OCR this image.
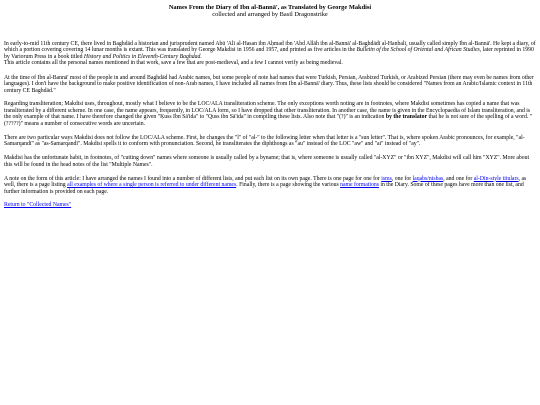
Names From the Diary of Ibn al-Bannā', as Translated by George Makdisi
collected and arranged by Basil Dragonstrike

In early-to-mid 11th century CE, there lived in Baghdād a historian and jurisprudent named Abū 'Alī al-Hasan ibn Aḥmad ibn 'Abd Allāh ibn al-Bannā' al-Baghdādī al-Hanbalī, usually called simply Ibn al-Bannā'. He kept a diary, of which a portion covering covering 14 lunar months is extant. This was translated by George Makdisi in 1956 and 1957, and printed as five articles in the Bulletin of the School of Oriental and African Studies, later reprinted in 1990 by Variorum Press in a book titled History and Politics in Eleventh-Century Baghdad.
This article contains all the personal names mentioned in that work, save a few that are post-medieval, and a few I cannot verify as being medieval.

At the time of Ibn al-Bannā' most of the people in and around Baghdād had Arabic names, but some people of note had names that were Turkish, Persian, Arabized Turkish, or Arabized Persian (there may even be names from other languages). I don't have the background to make positive identification of non-Arab names, I have included all names from Ibn al-Bannā' diary. Thus, these lists should be considered "Names from an Arabic/Islamic context in 11th century CE Baghdād."

Regarding transliteration; Makdisi uses, throughout, mostly what I believe to be the LOC/ALA transliteration scheme. The only exceptions worth noting are in footnotes, where Makdisi sometimes has copied a name that was transliterated by a different scheme. In one case, the name appears, frequently, in LOC/ALA form, so I have dropped that other transliteration. In another case, the name is given in the Encyclopaedia of Islam transliteration, and is the only example of that name. I have therefore changed the given "Ḳuss Ibn Sā'ida" to "Quss ibn Sā'ida" in compiling these lists. Also note that "(?)" is an indication by the translator that he is not sure of the spelling of a word. "(?????)" means a number of consecutive words are uncertain.

There are two particular ways Makdisi does not follow the LOC/ALA scheme. First, he changes the "l" of "al-" to the following letter when that letter is a "sun letter". That is, where spoken Arabic pronounces, for example, "al-Samarqandī" as "as-Samarqandī". Makdisi spells it to conform with pronunciation. Second, he transliterates the diphthongs as "au" instead of the LOC "aw" and "ai" instead of "ay".

Makdisi has the unfortunate habit, in footnotes, of "cutting down" names where someone is usually called by a byname; that is, where someone is usually called "al-XYZ" or "ibn XYZ", Makdisi will call him "XYZ". More about this will be found in the head notes of the list "Multiple Names".

A note on the form of this article: I have arranged the names I found into a number of different lists, and put each list on its own page. There is one page for one for isms, one for laqabs/nisbas, and one for al-Dīn-style titulars, as well, there is a page listing all examples of where a single person is referred to under different names. Finally, there is a page showing the various name formations in the Diary. Some of these pages have more than one list, and further information is provided on each page.

Return to "Collected Names"
